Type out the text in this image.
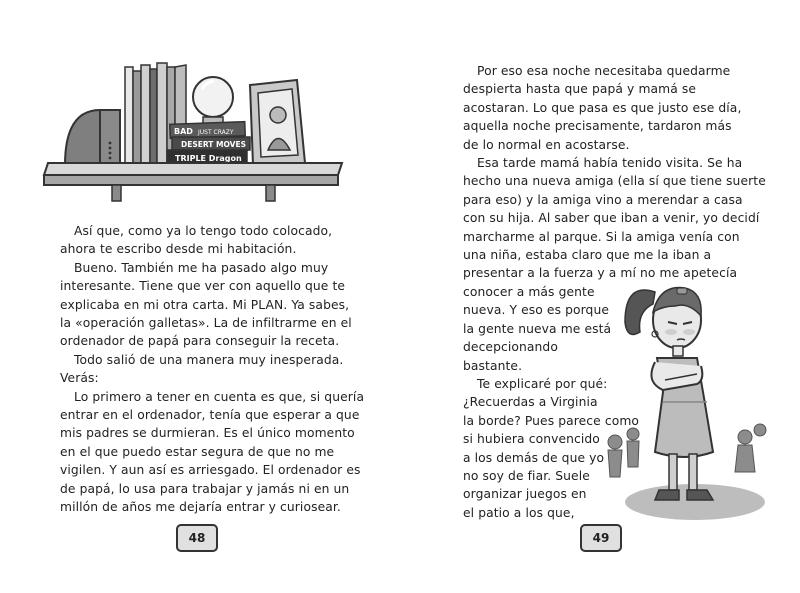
BAD JUST CRAZY
DESERT MOVES
TRIPLE Dragon

Así que, como ya lo tengo todo colocado,

ahora te escribo desde mi habitación.

Bueno. También me ha pasado algo muy

interesante. Tiene que ver con aquello que te

explicaba en mi otra carta. Mi PLAN. Ya sabes,

la «operación galletas». La de infiltrarme en el

ordenador de papá para conseguir la receta.

Todo salió de una manera muy inesperada.

Verás:

Lo primero a tener en cuenta es que, si quería

entrar en el ordenador, tenía que esperar a que

mis padres se durmieran. Es el único momento

en el que puedo estar segura de que no me

vigilen. Y aun así es arriesgado. El ordenador es

de papá, lo usa para trabajar y jamás ni en un

millón de años me dejaría entrar y curiosear.

48

Por eso esa noche necesitaba quedarme

despierta hasta que papá y mamá se

acostaran. Lo que pasa es que justo ese día,

aquella noche precisamente, tardaron más

de lo normal en acostarse.

Esa tarde mamá había tenido visita. Se ha

hecho una nueva amiga (ella sí que tiene suerte

para eso) y la amiga vino a merendar a casa

con su hija. Al saber que iban a venir, yo decidí

marcharme al parque. Si la amiga venía con

una niña, estaba claro que me la iban a

presentar a la fuerza y a mí no me apetecía

conocer a más gente

nueva. Y eso es porque

la gente nueva me está

decepcionando

bastante.

Te explicaré por qué:

¿Recuerdas a Virginia

la borde? Pues parece como

si hubiera convencido

a los demás de que yo

no soy de fiar. Suele

organizar juegos en

el patio a los que,

49
